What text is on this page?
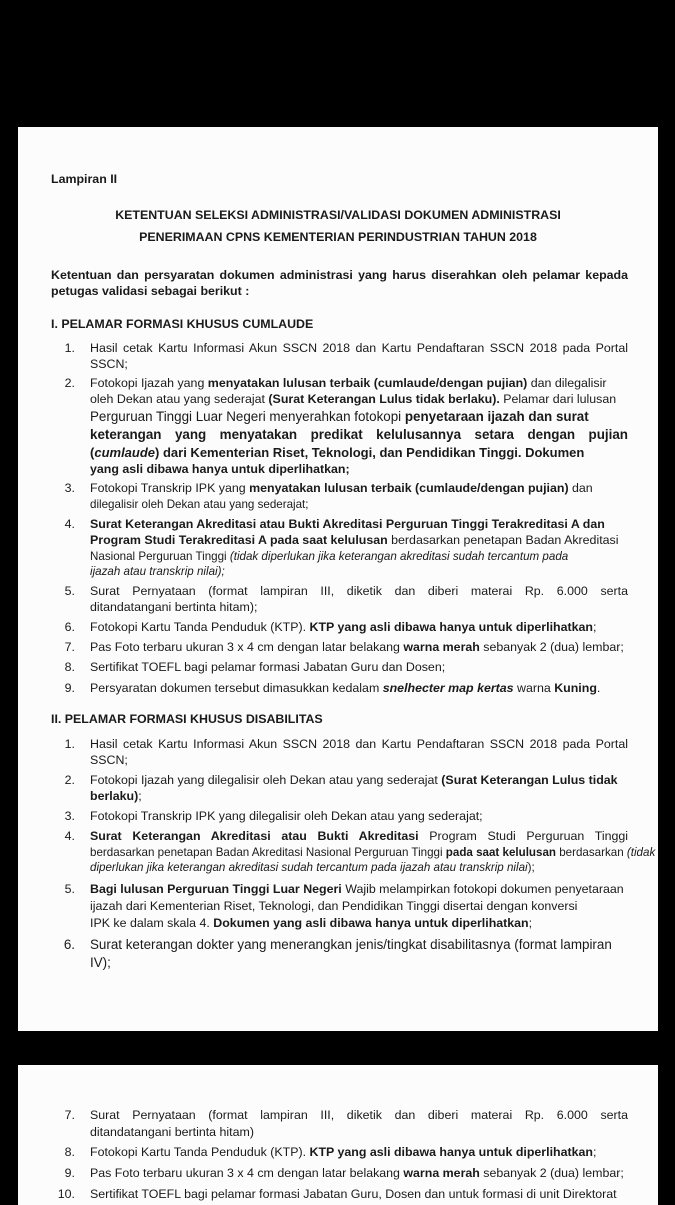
Lampiran II
KETENTUAN SELEKSI ADMINISTRASI/VALIDASI DOKUMEN ADMINISTRASI
PENERIMAAN CPNS KEMENTERIAN PERINDUSTRIAN TAHUN 2018
Ketentuan dan persyaratan dokumen administrasi yang harus diserahkan oleh pelamar kepada
petugas validasi sebagai berikut :
I. PELAMAR FORMASI KHUSUS CUMLAUDE
1. Hasil cetak Kartu Informasi Akun SSCN 2018 dan Kartu Pendaftaran SSCN 2018 pada Portal
SSCN;
2. Fotokopi Ijazah yang menyatakan lulusan terbaik (cumlaude/dengan pujian) dan dilegalisir
oleh Dekan atau yang sederajat (Surat Keterangan Lulus tidak berlaku). Pelamar dari lulusan
Perguruan Tinggi Luar Negeri menyerahkan fotokopi penyetaraan ijazah dan surat
keterangan yang menyatakan predikat kelulusannya setara dengan pujian
(cumlaude) dari Kementerian Riset, Teknologi, dan Pendidikan Tinggi. Dokumen
yang asli dibawa hanya untuk diperlihatkan;
3. Fotokopi Transkrip IPK yang menyatakan lulusan terbaik (cumlaude/dengan pujian) dan
dilegalisir oleh Dekan atau yang sederajat;
4. Surat Keterangan Akreditasi atau Bukti Akreditasi Perguruan Tinggi Terakreditasi A dan
Program Studi Terakreditasi A pada saat kelulusan berdasarkan penetapan Badan Akreditasi
Nasional Perguruan Tinggi (tidak diperlukan jika keterangan akreditasi sudah tercantum pada
ijazah atau transkrip nilai);
5. Surat Pernyataan (format lampiran III, diketik dan diberi materai Rp. 6.000 serta
ditandatangani bertinta hitam);
6. Fotokopi Kartu Tanda Penduduk (KTP). KTP yang asli dibawa hanya untuk diperlihatkan;
7. Pas Foto terbaru ukuran 3 x 4 cm dengan latar belakang warna merah sebanyak 2 (dua) lembar;
8. Sertifikat TOEFL bagi pelamar formasi Jabatan Guru dan Dosen;
9. Persyaratan dokumen tersebut dimasukkan kedalam snelhecter map kertas warna Kuning.
II. PELAMAR FORMASI KHUSUS DISABILITAS
1. Hasil cetak Kartu Informasi Akun SSCN 2018 dan Kartu Pendaftaran SSCN 2018 pada Portal
SSCN;
2. Fotokopi Ijazah yang dilegalisir oleh Dekan atau yang sederajat (Surat Keterangan Lulus tidak
berlaku);
3. Fotokopi Transkrip IPK yang dilegalisir oleh Dekan atau yang sederajat;
4. Surat Keterangan Akreditasi atau Bukti Akreditasi Program Studi Perguruan Tinggi
berdasarkan penetapan Badan Akreditasi Nasional Perguruan Tinggi pada saat kelulusan berdasarkan (tidak
diperlukan jika keterangan akreditasi sudah tercantum pada ijazah atau transkrip nilai);
5. Bagi lulusan Perguruan Tinggi Luar Negeri Wajib melampirkan fotokopi dokumen penyetaraan
ijazah dari Kementerian Riset, Teknologi, dan Pendidikan Tinggi disertai dengan konversi
IPK ke dalam skala 4. Dokumen yang asli dibawa hanya untuk diperlihatkan;
6. Surat keterangan dokter yang menerangkan jenis/tingkat disabilitasnya (format lampiran
IV);
7. Surat Pernyataan (format lampiran III, diketik dan diberi materai Rp. 6.000 serta
ditandatangani bertinta hitam)
8. Fotokopi Kartu Tanda Penduduk (KTP). KTP yang asli dibawa hanya untuk diperlihatkan;
9. Pas Foto terbaru ukuran 3 x 4 cm dengan latar belakang warna merah sebanyak 2 (dua) lembar;
10. Sertifikat TOEFL bagi pelamar formasi Jabatan Guru, Dosen dan untuk formasi di unit Direktorat
